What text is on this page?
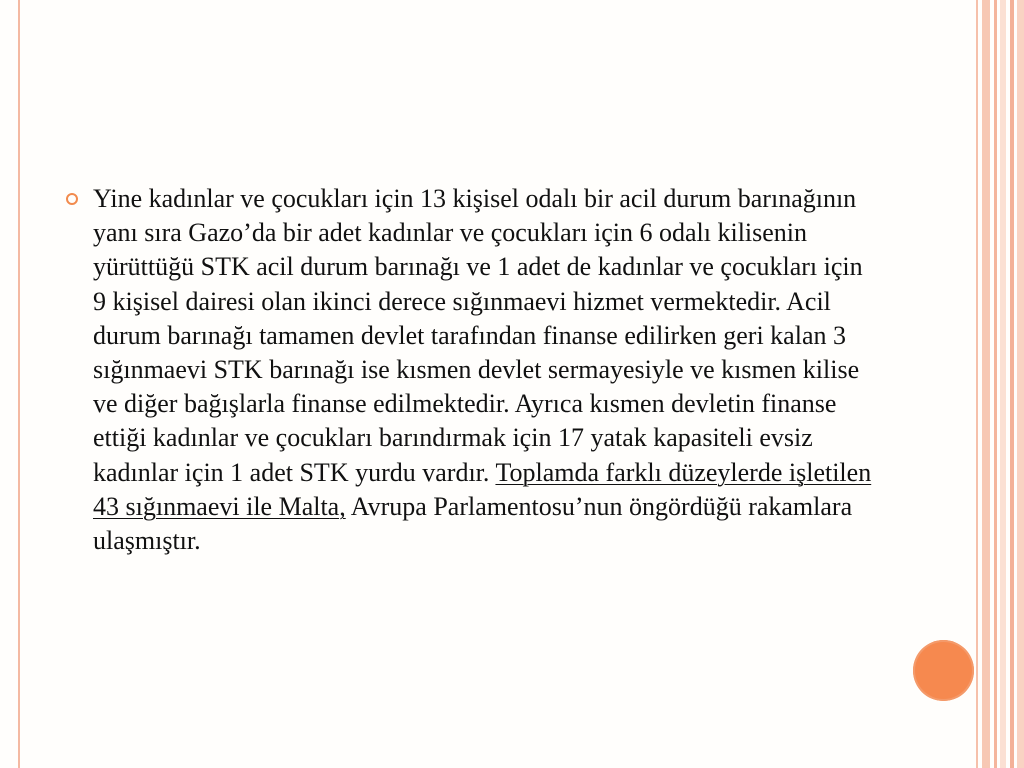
Yine kadınlar ve çocukları için 13 kişisel odalı bir acil durum barınağının yanı sıra Gazo’da bir adet kadınlar ve çocukları için 6 odalı kilisenin yürüttüğü STK acil durum barınağı ve 1 adet de kadınlar ve çocukları için 9 kişisel dairesi olan ikinci derece sığınmaevi hizmet vermektedir. Acil durum barınağı tamamen devlet tarafından finanse edilirken geri kalan 3 sığınmaevi STK barınağı ise kısmen devlet sermayesiyle ve kısmen kilise ve diğer bağışlarla finanse edilmektedir. Ayrıca kısmen devletin finanse ettiği kadınlar ve çocukları barındırmak için 17 yatak kapasiteli evsiz kadınlar için 1 adet STK yurdu vardır. Toplamda farklı düzeylerde işletilen 43 sığınmaevi ile Malta, Avrupa Parlamentosu’nun öngördüğü rakamlara ulaşmıştır.
